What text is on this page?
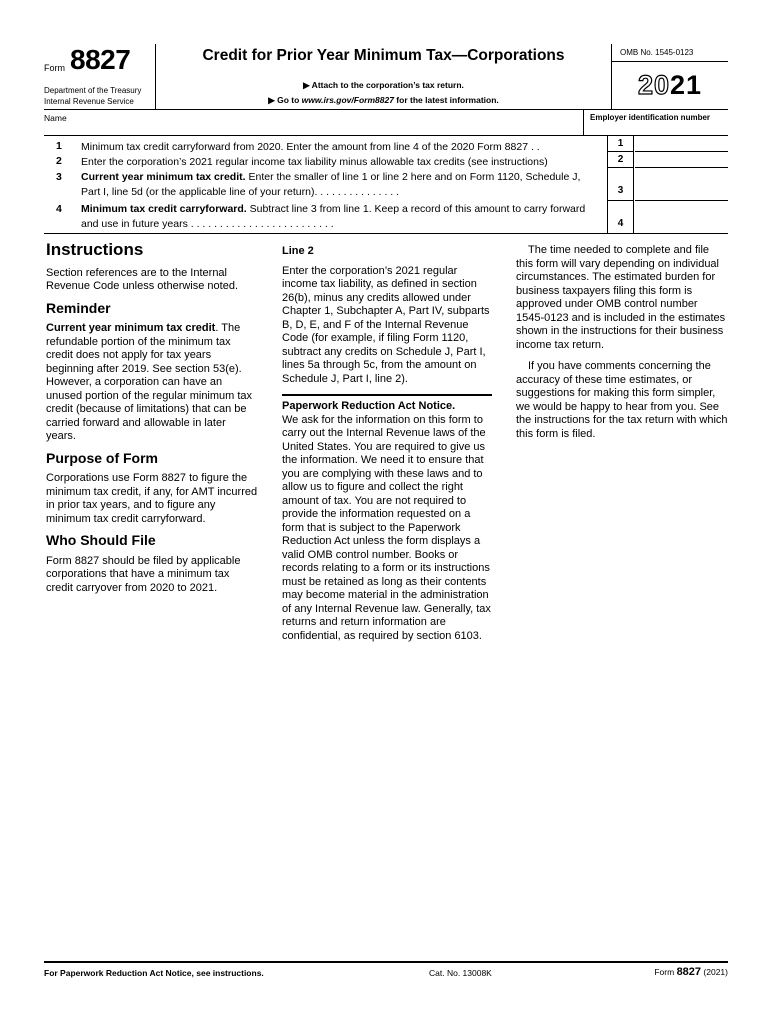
Form 8827
Department of the Treasury
Internal Revenue Service
Credit for Prior Year Minimum Tax—Corporations
▶ Attach to the corporation’s tax return.
▶ Go to www.irs.gov/Form8827 for the latest information.
OMB No. 1545-0123
2021
Name	Employer identification number
1 Minimum tax credit carryforward from 2020. Enter the amount from line 4 of the 2020 Form 8827 . .
2 Enter the corporation’s 2021 regular income tax liability minus allowable tax credits (see instructions)
3 Current year minimum tax credit. Enter the smaller of line 1 or line 2 here and on Form 1120, Schedule J, Part I, line 5d (or the applicable line of your return). . . . . . . . . . . . . . .
4 Minimum tax credit carryforward. Subtract line 3 from line 1. Keep a record of this amount to carry forward and use in future years . . . . . . . . . . . . . . . . . . . . . . . . .
1
2
3
4
Instructions

Section references are to the Internal Revenue Code unless otherwise noted.

Reminder

Current year minimum tax credit. The refundable portion of the minimum tax credit does not apply for tax years beginning after 2019. See section 53(e). However, a corporation can have an unused portion of the regular minimum tax credit (because of limitations) that can be carried forward and allowable in later years.

Purpose of Form

Corporations use Form 8827 to figure the minimum tax credit, if any, for AMT incurred in prior tax years, and to figure any minimum tax credit carryforward.

Who Should File

Form 8827 should be filed by applicable corporations that have a minimum tax credit carryover from 2020 to 2021.

Line 2

Enter the corporation’s 2021 regular income tax liability, as defined in section 26(b), minus any credits allowed under Chapter 1, Subchapter A, Part IV, subparts B, D, E, and F of the Internal Revenue Code (for example, if filing Form 1120, subtract any credits on Schedule J, Part I, lines 5a through 5c, from the amount on Schedule J, Part I, line 2).

Paperwork Reduction Act Notice.

We ask for the information on this form to carry out the Internal Revenue laws of the United States. You are required to give us the information. We need it to ensure that you are complying with these laws and to allow us to figure and collect the right amount of tax. You are not required to provide the information requested on a form that is subject to the Paperwork Reduction Act unless the form displays a valid OMB control number. Books or records relating to a form or its instructions must be retained as long as their contents may become material in the administration of any Internal Revenue law. Generally, tax returns and return information are confidential, as required by section 6103.

The time needed to complete and file this form will vary depending on individual circumstances. The estimated burden for business taxpayers filing this form is approved under OMB control number 1545-0123 and is included in the estimates shown in the instructions for their business income tax return.

If you have comments concerning the accuracy of these time estimates, or suggestions for making this form simpler, we would be happy to hear from you. See the instructions for the tax return with which this form is filed.

For Paperwork Reduction Act Notice, see instructions.	Cat. No. 13008K	Form 8827 (2021)
